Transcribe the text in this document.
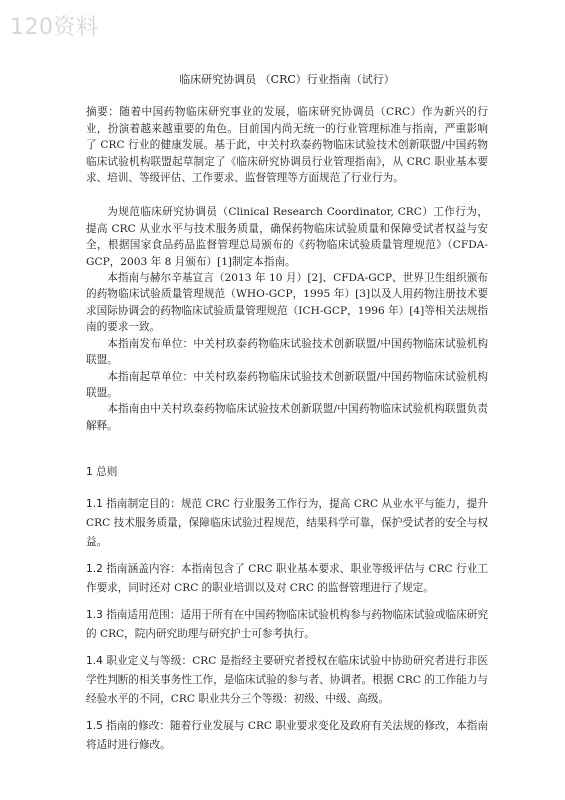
120资料
临床研究协调员 （CRC）行业指南（试行）

摘要：随着中国药物临床研究事业的发展，临床研究协调员（CRC）作为新兴的行业，扮演着越来越重要的角色。目前国内尚无统一的行业管理标准与指南，严重影响了 CRC 行业的健康发展。基于此，中关村玖泰药物临床试验技术创新联盟/中国药物临床试验机构联盟起草制定了《临床研究协调员行业管理指南》，从 CRC 职业基本要求、培训、等级评估、工作要求、监督管理等方面规范了行业行为。

为规范临床研究协调员（Clinical Research Coordinator, CRC）工作行为，提高 CRC 从业水平与技术服务质量，确保药物临床试验质量和保障受试者权益与安全，根据国家食品药品监督管理总局颁布的《药物临床试验质量管理规范》（CFDA-GCP，2003 年 8 月颁布）[1]制定本指南。

本指南与赫尔辛基宣言（2013 年 10 月）[2]、CFDA-GCP、世界卫生组织颁布的药物临床试验质量管理规范（WHO-GCP，1995 年）[3]以及人用药物注册技术要求国际协调会的药物临床试验质量管理规范（ICH-GCP，1996 年）[4]等相关法规指南的要求一致。

本指南发布单位：中关村玖泰药物临床试验技术创新联盟/中国药物临床试验机构联盟。

本指南起草单位：中关村玖泰药物临床试验技术创新联盟/中国药物临床试验机构联盟。

本指南由中关村玖泰药物临床试验技术创新联盟/中国药物临床试验机构联盟负责解释。

1 总则

1.1 指南制定目的：规范 CRC 行业服务工作行为，提高 CRC 从业水平与能力，提升 CRC 技术服务质量，保障临床试验过程规范，结果科学可靠，保护受试者的安全与权益。

1.2 指南涵盖内容：本指南包含了 CRC 职业基本要求、职业等级评估与 CRC 行业工作要求，同时还对 CRC 的职业培训以及对 CRC 的监督管理进行了规定。

1.3 指南适用范围：适用于所有在中国药物临床试验机构参与药物临床试验或临床研究的 CRC，院内研究助理与研究护士可参考执行。

1.4 职业定义与等级：CRC 是指经主要研究者授权在临床试验中协助研究者进行非医学性判断的相关事务性工作，是临床试验的参与者、协调者。根据 CRC 的工作能力与经验水平的不同，CRC 职业共分三个等级：初级、中级、高级。

1.5 指南的修改：随着行业发展与 CRC 职业要求变化及政府有关法规的修改，本指南将适时进行修改。
